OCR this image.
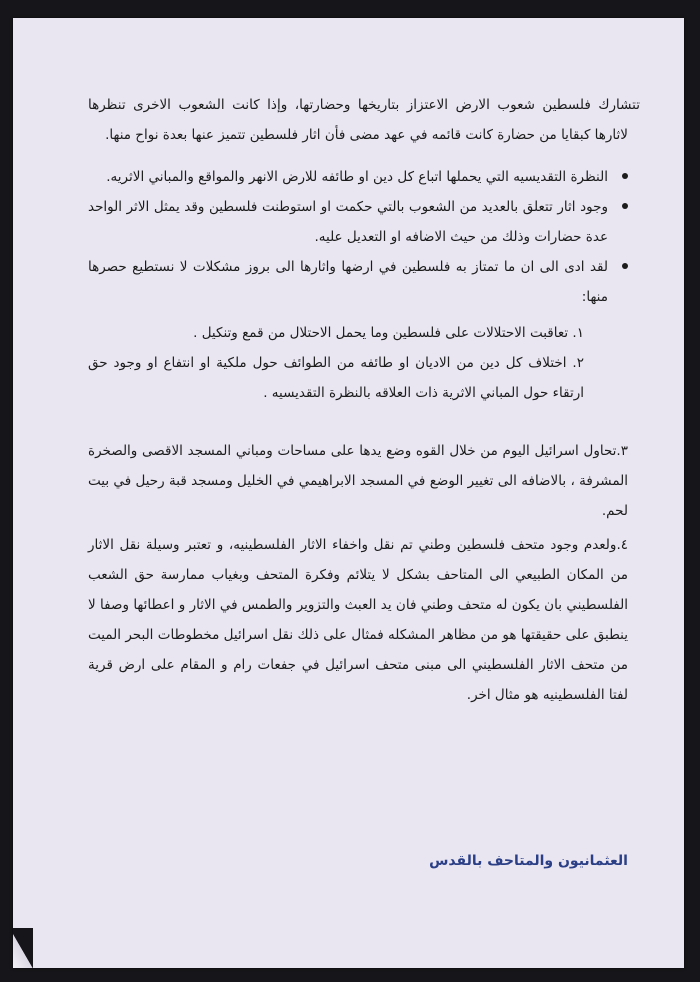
تتشارك فلسطين شعوب الارض الاعتزاز بتاريخها وحضارتها، وإذا كانت الشعوب الاخرى تنظرها لاثارها كبقايا من حضارة كانت قائمه في عهد مضى فأن اثار فلسطين تتميز عنها بعدة نواح منها.

النظرة التقديسيه التي يحملها اتباع كل دين او طائفه للارض الانهر والمواقع والمباني الاثريه.
وجود اثار تتعلق بالعديد من الشعوب بالتي حكمت او استوطنت فلسطين وقد يمثل الاثر الواحد عدة حضارات وذلك من حيث الاضافه او التعديل عليه.
لقد ادى الى ان ما تمتاز به فلسطين في ارضها واثارها الى بروز مشكلات لا نستطيع حصرها منها:

١. تعاقبت الاحتلالات على فلسطين وما يحمل الاحتلال من قمع وتنكيل .

٢. اختلاف كل دين من الاديان او طائفه من الطوائف حول ملكية او انتفاع او وجود حق ارتقاء حول المباني الاثرية ذات العلاقه بالنظرة التقديسيه .

٣.تحاول اسرائيل اليوم من خلال القوه وضع يدها على مساحات ومباني المسجد الاقصى والصخرة المشرفة ، بالاضافه الى تغيير الوضع في المسجد الابراهيمي في الخليل ومسجد قبة رحيل في بيت لحم.

٤.ولعدم وجود متحف فلسطين وطني تم نقل واخفاء الاثار الفلسطينيه، و تعتبر وسيلة نقل الاثار من المكان الطبيعي الى المتاحف بشكل لا يتلائم وفكرة المتحف وبغياب ممارسة حق الشعب الفلسطيني بان يكون له متحف وطني فان يد العبث والتزوير والطمس في الاثار و اعطائها وصفا لا ينطبق على حقيقتها هو من مظاهر المشكله فمثال على ذلك نقل اسرائيل مخطوطات البحر الميت من متحف الاثار الفلسطيني الى مبنى متحف اسرائيل في جفعات رام و المقام على ارض قرية لفتا الفلسطينيه هو مثال اخر.

العثمانيون والمتاحف بالقدس
